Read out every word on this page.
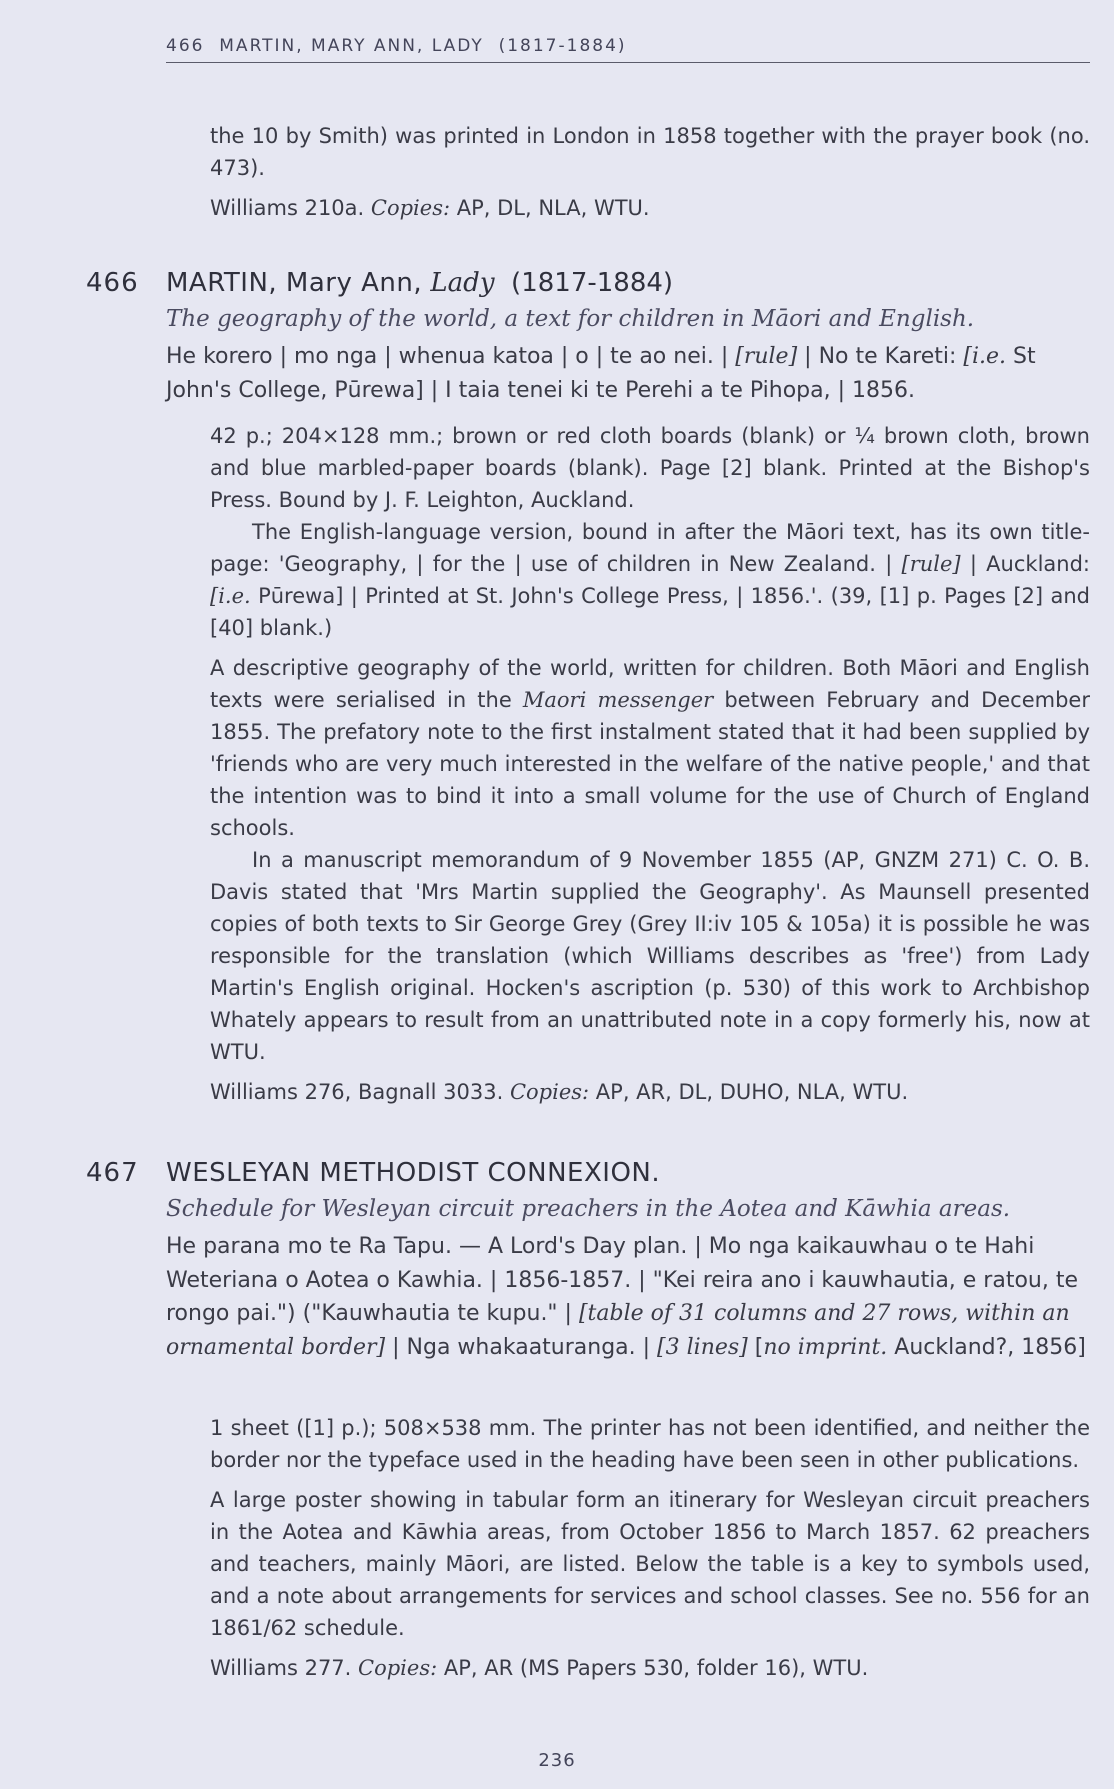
466 MARTIN, MARY ANN, LADY (1817-1884)

the 10 by Smith) was printed in London in 1858 together with the prayer book (no. 473).

Williams 210a. Copies: AP, DL, NLA, WTU.

466 MARTIN, Mary Ann, Lady (1817-1884)
The geography of the world, a text for children in Māori and English.

He korero | mo nga | whenua katoa | o | te ao nei. | [rule] | No te Kareti: [i.e. St John's College, Pūrewa] | I taia tenei ki te Perehi a te Pihopa, | 1856.

42 p.; 204×128 mm.; brown or red cloth boards (blank) or ¼ brown cloth, brown and blue marbled-paper boards (blank). Page [2] blank. Printed at the Bishop's Press. Bound by J. F. Leighton, Auckland.

The English-language version, bound in after the Māori text, has its own title-page: 'Geography, | for the | use of children in New Zealand. | [rule] | Auckland: [i.e. Pūrewa] | Printed at St. John's College Press, | 1856.'. (39, [1] p. Pages [2] and [40] blank.)

A descriptive geography of the world, written for children. Both Māori and English texts were serialised in the Maori messenger between February and December 1855. The prefatory note to the first instalment stated that it had been supplied by 'friends who are very much interested in the welfare of the native people,' and that the intention was to bind it into a small volume for the use of Church of England schools.

In a manuscript memorandum of 9 November 1855 (AP, GNZM 271) C. O. B. Davis stated that 'Mrs Martin supplied the Geography'. As Maunsell presented copies of both texts to Sir George Grey (Grey II:iv 105 & 105a) it is possible he was responsible for the translation (which Williams describes as 'free') from Lady Martin's English original. Hocken's ascription (p. 530) of this work to Archbishop Whately appears to result from an unattributed note in a copy formerly his, now at WTU.

Williams 276, Bagnall 3033. Copies: AP, AR, DL, DUHO, NLA, WTU.

467 WESLEYAN METHODIST CONNEXION.
Schedule for Wesleyan circuit preachers in the Aotea and Kāwhia areas.

He parana mo te Ra Tapu. — A Lord's Day plan. | Mo nga kaikauwhau o te Hahi Weteriana o Aotea o Kawhia. | 1856-1857. | "Kei reira ano i kauwhautia, e ratou, te rongo pai.") ("Kauwhautia te kupu." | [table of 31 columns and 27 rows, within an ornamental border] | Nga whakaaturanga. | [3 lines] [no imprint. Auckland?, 1856]

1 sheet ([1] p.); 508×538 mm. The printer has not been identified, and neither the border nor the typeface used in the heading have been seen in other publications.

A large poster showing in tabular form an itinerary for Wesleyan circuit preachers in the Aotea and Kāwhia areas, from October 1856 to March 1857. 62 preachers and teachers, mainly Māori, are listed. Below the table is a key to symbols used, and a note about arrangements for services and school classes. See no. 556 for an 1861/62 schedule.

Williams 277. Copies: AP, AR (MS Papers 530, folder 16), WTU.

236
